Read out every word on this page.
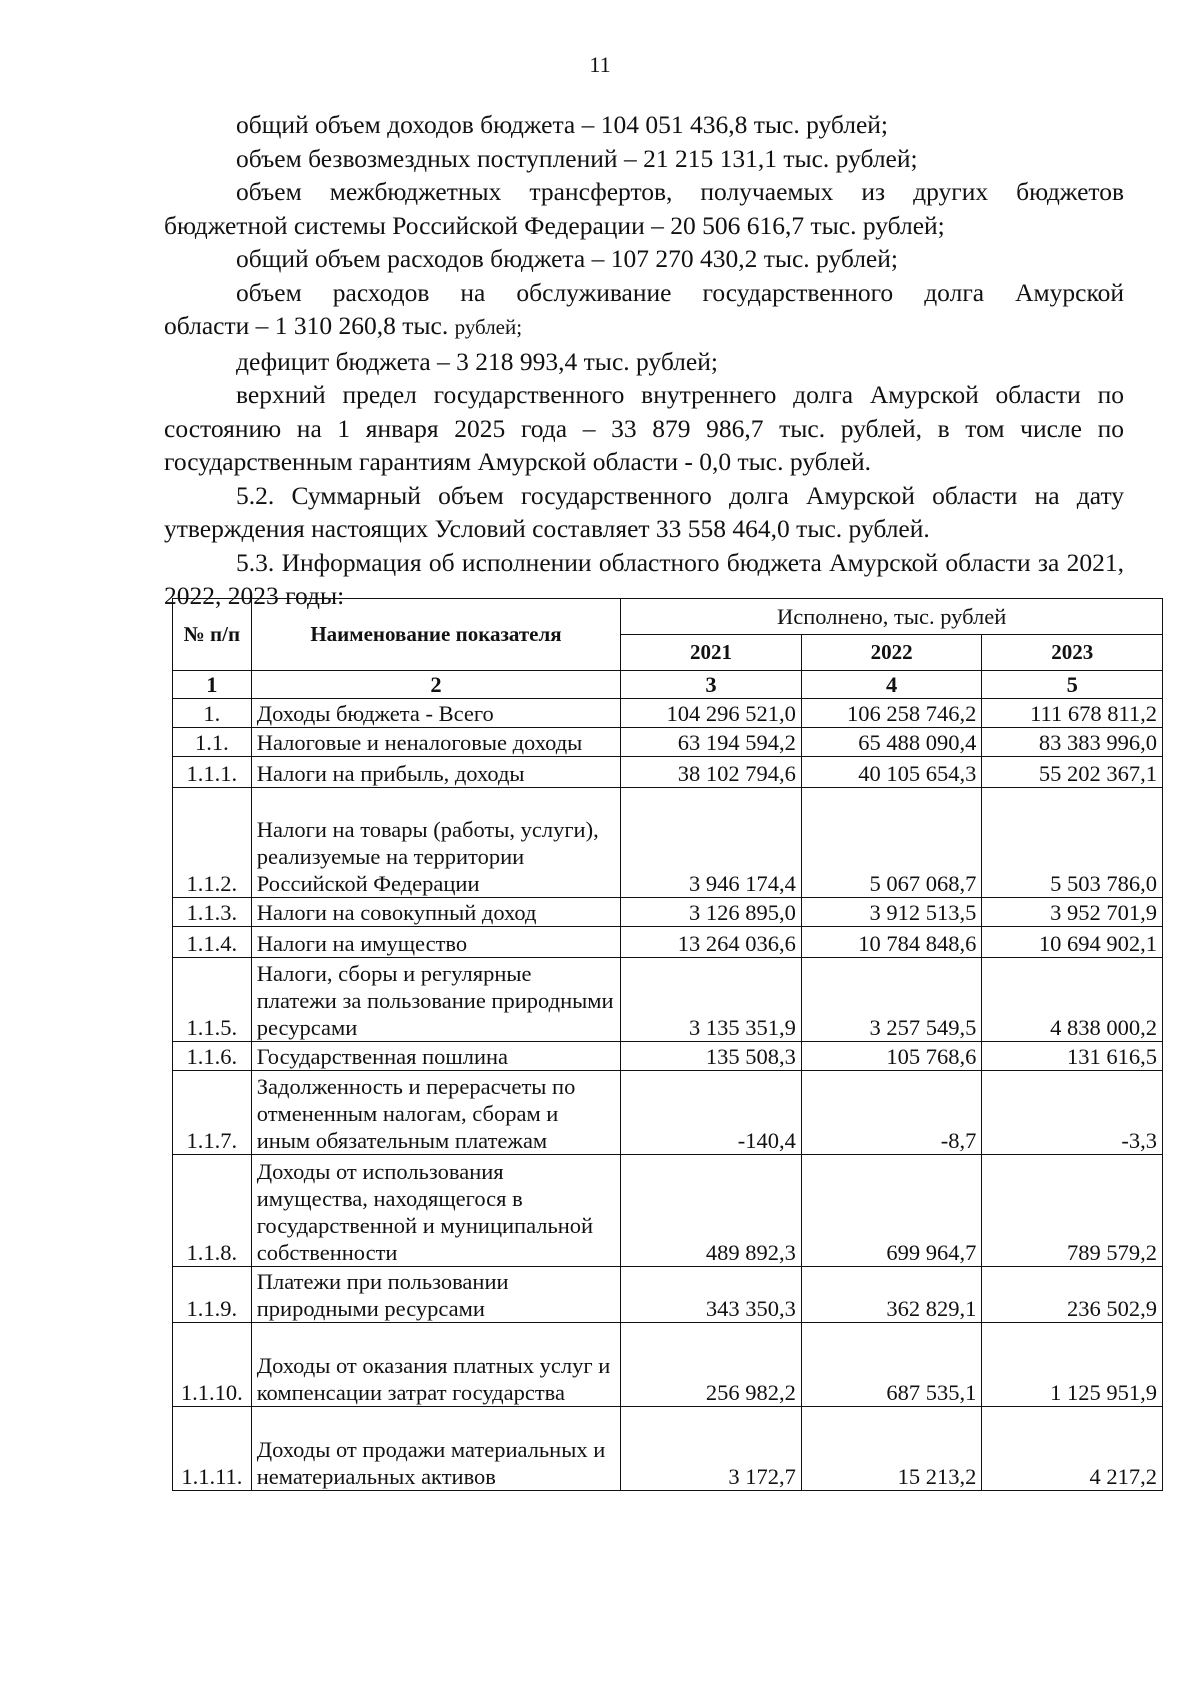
11

общий объем доходов бюджета – 104 051 436,8 тыс. рублей;

объем безвозмездных поступлений – 21 215 131,1 тыс. рублей;

объем межбюджетных трансфертов, получаемых из других бюджетов

бюджетной системы Российской Федерации – 20 506 616,7 тыс. рублей;

общий объем расходов бюджета – 107 270 430,2 тыс. рублей;

объем расходов на обслуживание государственного долга Амурской

области – 1 310 260,8 тыс. рублей;

дефицит бюджета – 3 218 993,4 тыс. рублей;

верхний предел государственного внутреннего долга Амурской области по состоянию на 1 января 2025 года – 33 879 986,7 тыс. рублей, в том числе по государственным гарантиям Амурской области - 0,0 тыс. рублей.

5.2. Суммарный объем государственного долга Амурской области на дату утверждения настоящих Условий составляет 33 558 464,0 тыс. рублей.

5.3. Информация об исполнении областного бюджета Амурской области за 2021, 2022, 2023 годы:

№ п/п	Наименование показателя	Исполнено, тыс. рублей		
		2021	2022	2023
1	2	3	4	5
1.	Доходы бюджета - Всего	104 296 521,0	106 258 746,2	111 678 811,2
1.1.	Налоговые и неналоговые доходы	63 194 594,2	65 488 090,4	83 383 996,0
1.1.1.	Налоги на прибыль, доходы	38 102 794,6	40 105 654,3	55 202 367,1
1.1.2.	Налоги на товары (работы, услуги), реализуемые на территории Российской Федерации	3 946 174,4	5 067 068,7	5 503 786,0
1.1.3.	Налоги на совокупный доход	3 126 895,0	3 912 513,5	3 952 701,9
1.1.4.	Налоги на имущество	13 264 036,6	10 784 848,6	10 694 902,1
1.1.5.	Налоги, сборы и регулярные платежи за пользование природными ресурсами	3 135 351,9	3 257 549,5	4 838 000,2
1.1.6.	Государственная пошлина	135 508,3	105 768,6	131 616,5
1.1.7.	Задолженность и перерасчеты по отмененным налогам, сборам и иным обязательным платежам	-140,4	-8,7	-3,3
1.1.8.	Доходы от использования имущества, находящегося в государственной и муниципальной собственности	489 892,3	699 964,7	789 579,2
1.1.9.	Платежи при пользовании природными ресурсами	343 350,3	362 829,1	236 502,9
1.1.10.	Доходы от оказания платных услуг и компенсации затрат государства	256 982,2	687 535,1	1 125 951,9
1.1.11.	Доходы от продажи материальных и нематериальных активов	3 172,7	15 213,2	4 217,2
